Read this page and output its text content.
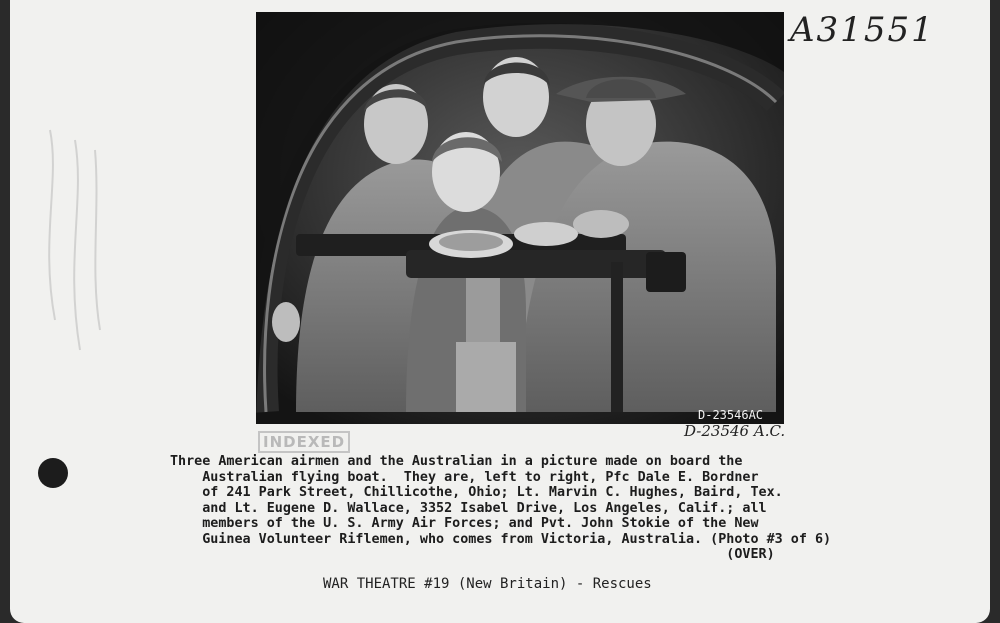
A31551
D-23546AC
D-23546 A.C.
INDEXED
Three American airmen and the Australian in a picture made on board the
Australian flying boat.  They are, left to right, Pfc Dale E. Bordner
of 241 Park Street, Chillicothe, Ohio; Lt. Marvin C. Hughes, Baird, Tex.
and Lt. Eugene D. Wallace, 3352 Isabel Drive, Los Angeles, Calif.; all
members of the U. S. Army Air Forces; and Pvt. John Stokie of the New
Guinea Volunteer Riflemen, who comes from Victoria, Australia. (Photo #3 of 6)
(OVER)
WAR THEATRE #19 (New Britain) - Rescues
